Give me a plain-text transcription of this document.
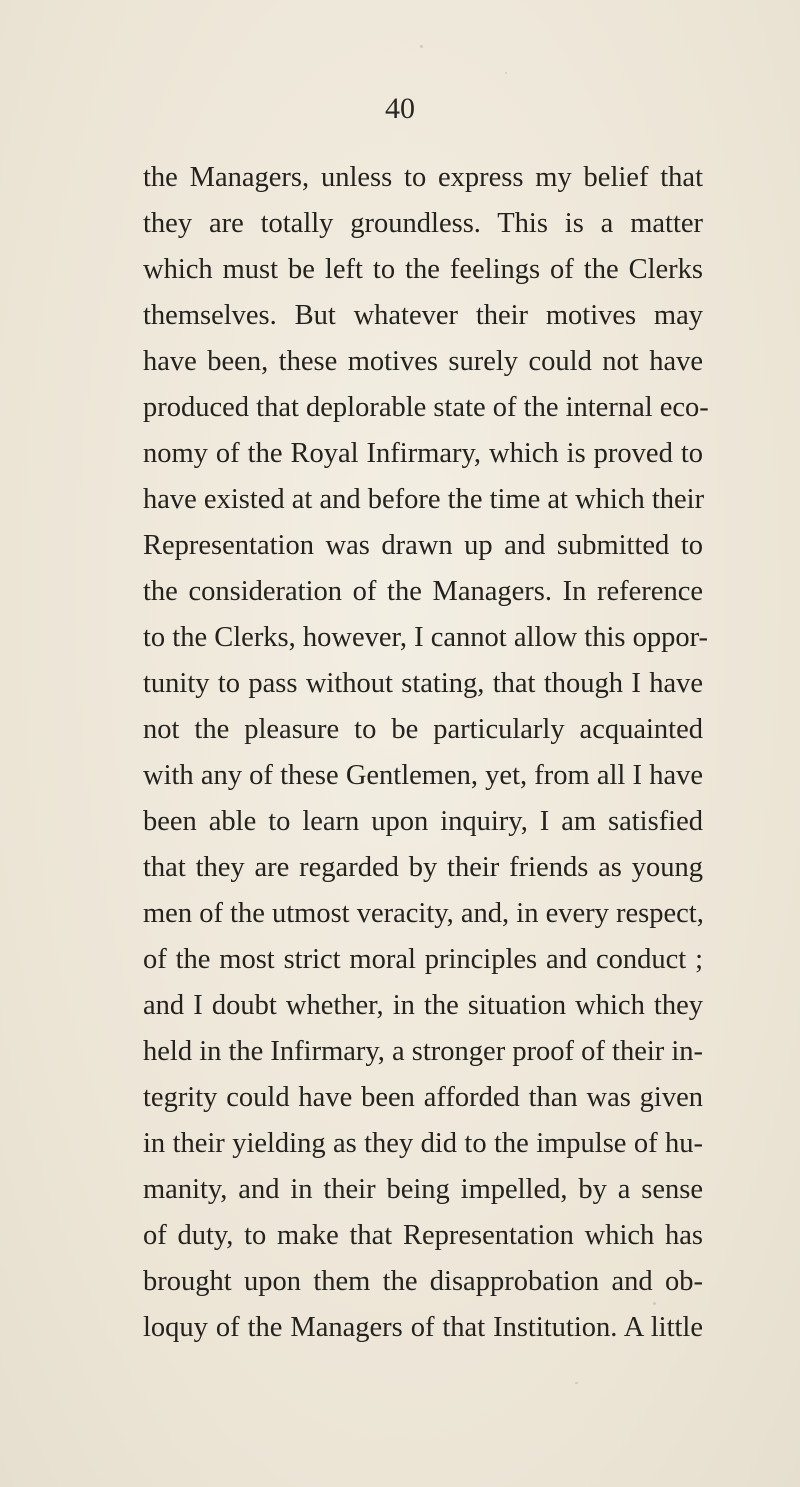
40
the Managers, unless to express my belief that
they are totally groundless. This is a matter
which must be left to the feelings of the Clerks
themselves. But whatever their motives may
have been, these motives surely could not have
produced that deplorable state of the internal eco-
nomy of the Royal Infirmary, which is proved to
have existed at and before the time at which their
Representation was drawn up and submitted to
the consideration of the Managers. In reference
to the Clerks, however, I cannot allow this oppor-
tunity to pass without stating, that though I have
not the pleasure to be particularly acquainted
with any of these Gentlemen, yet, from all I have
been able to learn upon inquiry, I am satisfied
that they are regarded by their friends as young
men of the utmost veracity, and, in every respect,
of the most strict moral principles and conduct ;
and I doubt whether, in the situation which they
held in the Infirmary, a stronger proof of their in-
tegrity could have been afforded than was given
in their yielding as they did to the impulse of hu-
manity, and in their being impelled, by a sense
of duty, to make that Representation which has
brought upon them the disapprobation and ob-
loquy of the Managers of that Institution. A little
